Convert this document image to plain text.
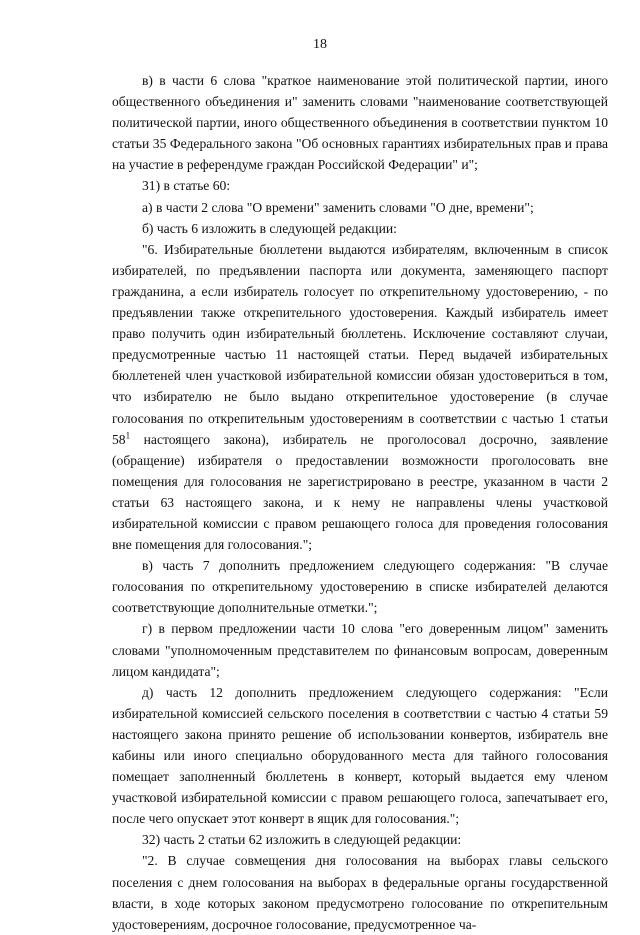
18

в) в части 6 слова "краткое наименование этой политической партии, иного общественного объединения и" заменить словами "наименование соответствующей политической партии, иного общественного объединения в соответствии пунктом 10 статьи 35 Федерального закона "Об основных гарантиях избирательных прав и права на участие в референдуме граждан Российской Федерации" и";

31) в статье 60:

а) в части 2 слова "О времени" заменить словами "О дне, времени";

б) часть 6 изложить в следующей редакции:

"6. Избирательные бюллетени выдаются избирателям, включенным в список избирателей, по предъявлении паспорта или документа, заменяющего паспорт гражданина, а если избиратель голосует по открепительному удостоверению, - по предъявлении также открепительного удостоверения. Каждый избиратель имеет право получить один избирательный бюллетень. Исключение составляют случаи, предусмотренные частью 11 настоящей статьи. Перед выдачей избирательных бюллетеней член участковой избирательной комиссии обязан удостовериться в том, что избирателю не было выдано открепительное удостоверение (в случае голосования по открепительным удостоверениям в соответствии с частью 1 статьи $58^1$ настоящего закона), избиратель не проголосовал досрочно, заявление (обращение) избирателя о предоставлении возможности проголосовать вне помещения для голосования не зарегистрировано в реестре, указанном в части 2 статьи 63 настоящего закона, и к нему не направлены члены участковой избирательной комиссии с правом решающего голоса для проведения голосования вне помещения для голосования.";

в) часть 7 дополнить предложением следующего содержания: "В случае голосования по открепительному удостоверению в списке избирателей делаются соответствующие дополнительные отметки.";

г) в первом предложении части 10 слова "его доверенным лицом" заменить словами "уполномоченным представителем по финансовым вопросам, доверенным лицом кандидата";

д) часть 12 дополнить предложением следующего содержания: "Если избирательной комиссией сельского поселения в соответствии с частью 4 статьи 59 настоящего закона принято решение об использовании конвертов, избиратель вне кабины или иного специально оборудованного места для тайного голосования помещает заполненный бюллетень в конверт, который выдается ему членом участковой избирательной комиссии с правом решающего голоса, запечатывает его, после чего опускает этот конверт в ящик для голосования.";

32) часть 2 статьи 62 изложить в следующей редакции:

"2. В случае совмещения дня голосования на выборах главы сельского поселения с днем голосования на выборах в федеральные органы государственной власти, в ходе которых законом предусмотрено голосование по открепительным удостоверениям, досрочное голосование, предусмотренное ча-
